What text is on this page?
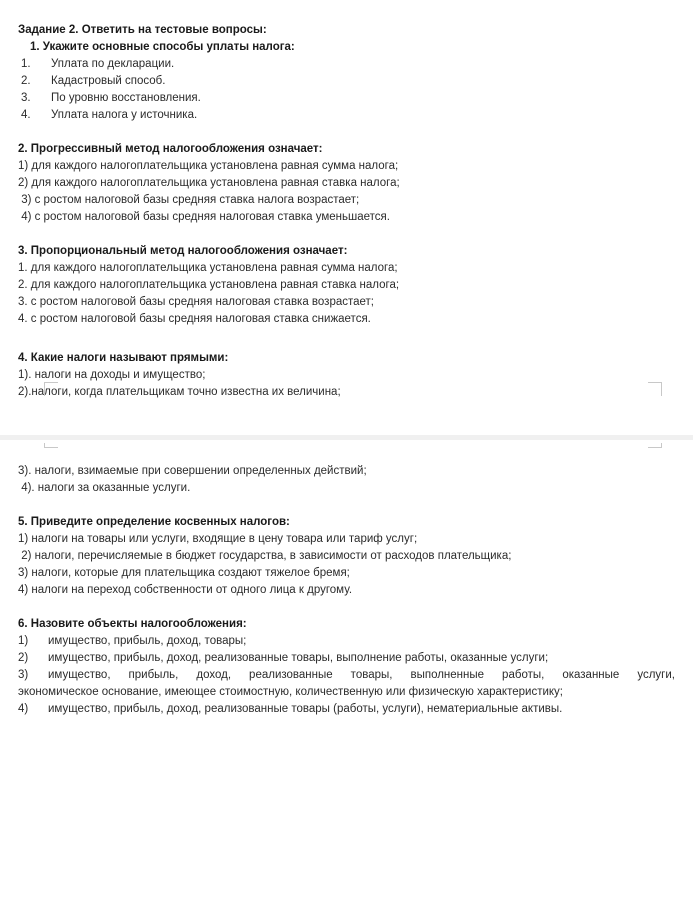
Задание 2. Ответить на тестовые вопросы:
1. Укажите основные способы уплаты налога:
1.	Уплата по декларации.
2.	Кадастровый способ.
3.	По уровню восстановления.
4.	Уплата налога у источника.
2. Прогрессивный метод налогообложения означает:
1) для каждого налогоплательщика установлена равная сумма налога;
2) для каждого налогоплательщика установлена равная ставка налога;
3) с ростом налоговой базы средняя ставка налога возрастает;
4) с ростом налоговой базы средняя налоговая ставка уменьшается.
3. Пропорциональный метод налогообложения означает:
1. для каждого налогоплательщика установлена равная сумма налога;
2. для каждого налогоплательщика установлена равная ставка налога;
3. с ростом налоговой базы средняя налоговая ставка возрастает;
4. с ростом налоговой базы средняя налоговая ставка снижается.
4. Какие налоги называют прямыми:
1). налоги на доходы и имущество;
2).налоги, когда плательщикам точно известна их величина;
3). налоги, взимаемые при совершении определенных действий;
4). налоги за оказанные услуги.
5. Приведите определение косвенных налогов:
1) налоги на товары или услуги, входящие в цену товара или тариф услуг;
2) налоги, перечисляемые в бюджет государства, в зависимости от расходов плательщика;
3) налоги, которые для плательщика создают тяжелое бремя;
4) налоги на переход собственности от одного лица к другому.
6. Назовите объекты налогообложения:
1)	имущество, прибыль, доход, товары;
2)	имущество, прибыль, доход, реализованные товары, выполнение работы, оказанные услуги;
3)	имущество, прибыль, доход, реализованные товары, выполненные работы, оказанные услуги,
экономическое основание, имеющее стоимостную, количественную или физическую характеристику;
4)	имущество, прибыль, доход, реализованные товары (работы, услуги), нематериальные активы.
